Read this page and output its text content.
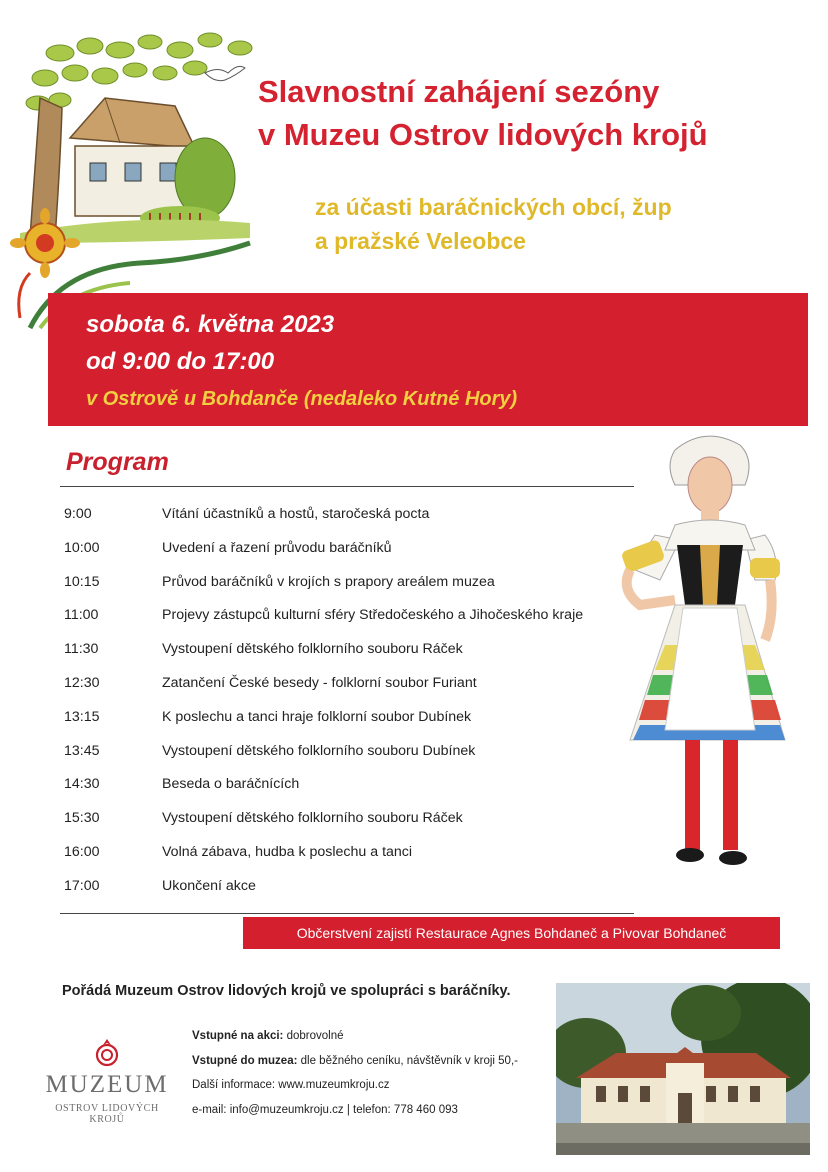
Slavnostní zahájení sezóny
v Muzeu Ostrov lidových krojů
za účasti baráčnických obcí, žup
a pražské Veleobce
sobota 6. května 2023
od 9:00 do 17:00
v Ostrově u Bohdanče (nedaleko Kutné Hory)
Program
9:00	Vítání účastníků a hostů, staročeská pocta
10:00	Uvedení a řazení průvodu baráčníků
10:15	Průvod baráčníků v krojích s prapory areálem muzea
11:00	Projevy zástupců kulturní sféry Středočeského a Jihočeského kraje
11:30	Vystoupení dětského folklorního souboru Ráček
12:30	Zatančení České besedy - folklorní soubor Furiant
13:15	K poslechu a tanci hraje folklorní soubor Dubínek
13:45	Vystoupení dětského folklorního souboru Dubínek
14:30	Beseda o baráčnících
15:30	Vystoupení dětského folklorního souboru Ráček
16:00	Volná zábava, hudba k poslechu a tanci
17:00	Ukončení akce
Občerstvení zajistí Restaurace Agnes Bohdaneč a Pivovar Bohdaneč
Pořádá Muzeum Ostrov lidových krojů ve spolupráci s baráčníky.
MUZEUM
OSTROV LIDOVÝCH KROJŮ
Vstupné na akci: dobrovolné
Vstupné do muzea: dle běžného ceníku, návštěvník v kroji 50,-
Další informace: www.muzeumkroju.cz
e-mail: info@muzeumkroju.cz | telefon: 778 460 093
